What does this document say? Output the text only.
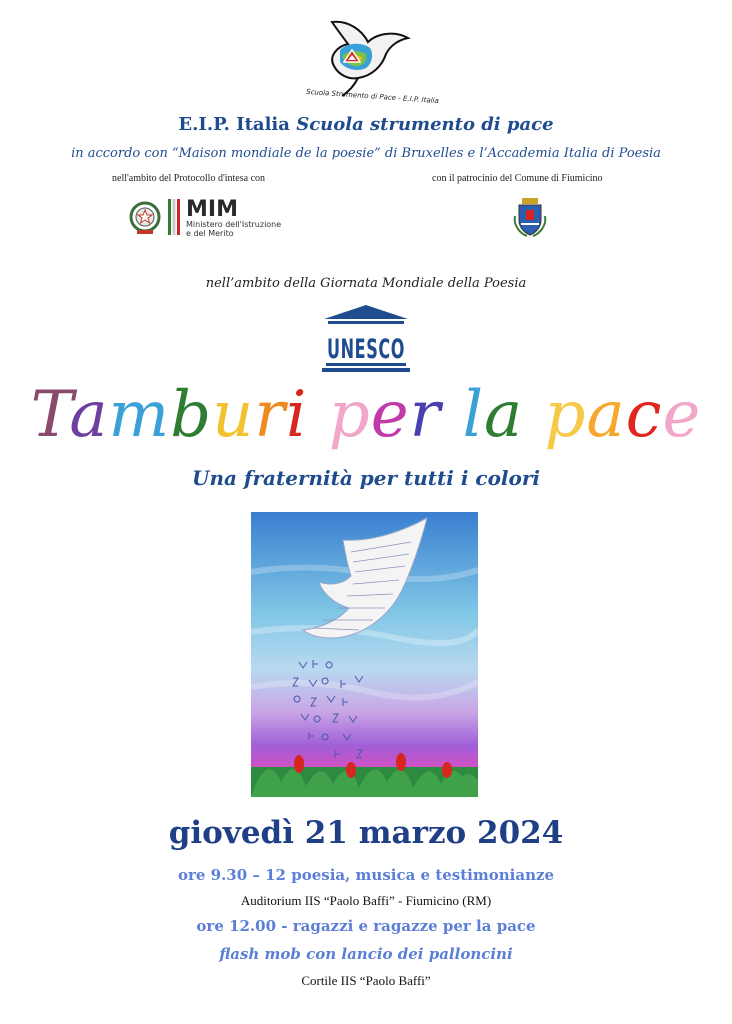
Scuola Strumento di Pace - E.I.P. Italia
E.I.P. Italia Scuola strumento di pace
in accordo con “Maison mondiale de la poesie” di Bruxelles e l’Accademia Italia di Poesia
nell'ambito del Protocollo d'intesa con	con il patrocinio del Comune di Fiumicino
MIM
Ministero dell'Istruzione
e del Merito
nell’ambito della Giornata Mondiale della Poesia
UNESCO
Tamburi per la pace
Una fraternità per tutti i colori
giovedì 21 marzo 2024
ore 9.30 – 12 poesia, musica e testimonianze
Auditorium IIS “Paolo Baffi” - Fiumicino (RM)
ore 12.00 - ragazzi e ragazze per la pace
flash mob con lancio dei palloncini
Cortile IIS “Paolo Baffi”
